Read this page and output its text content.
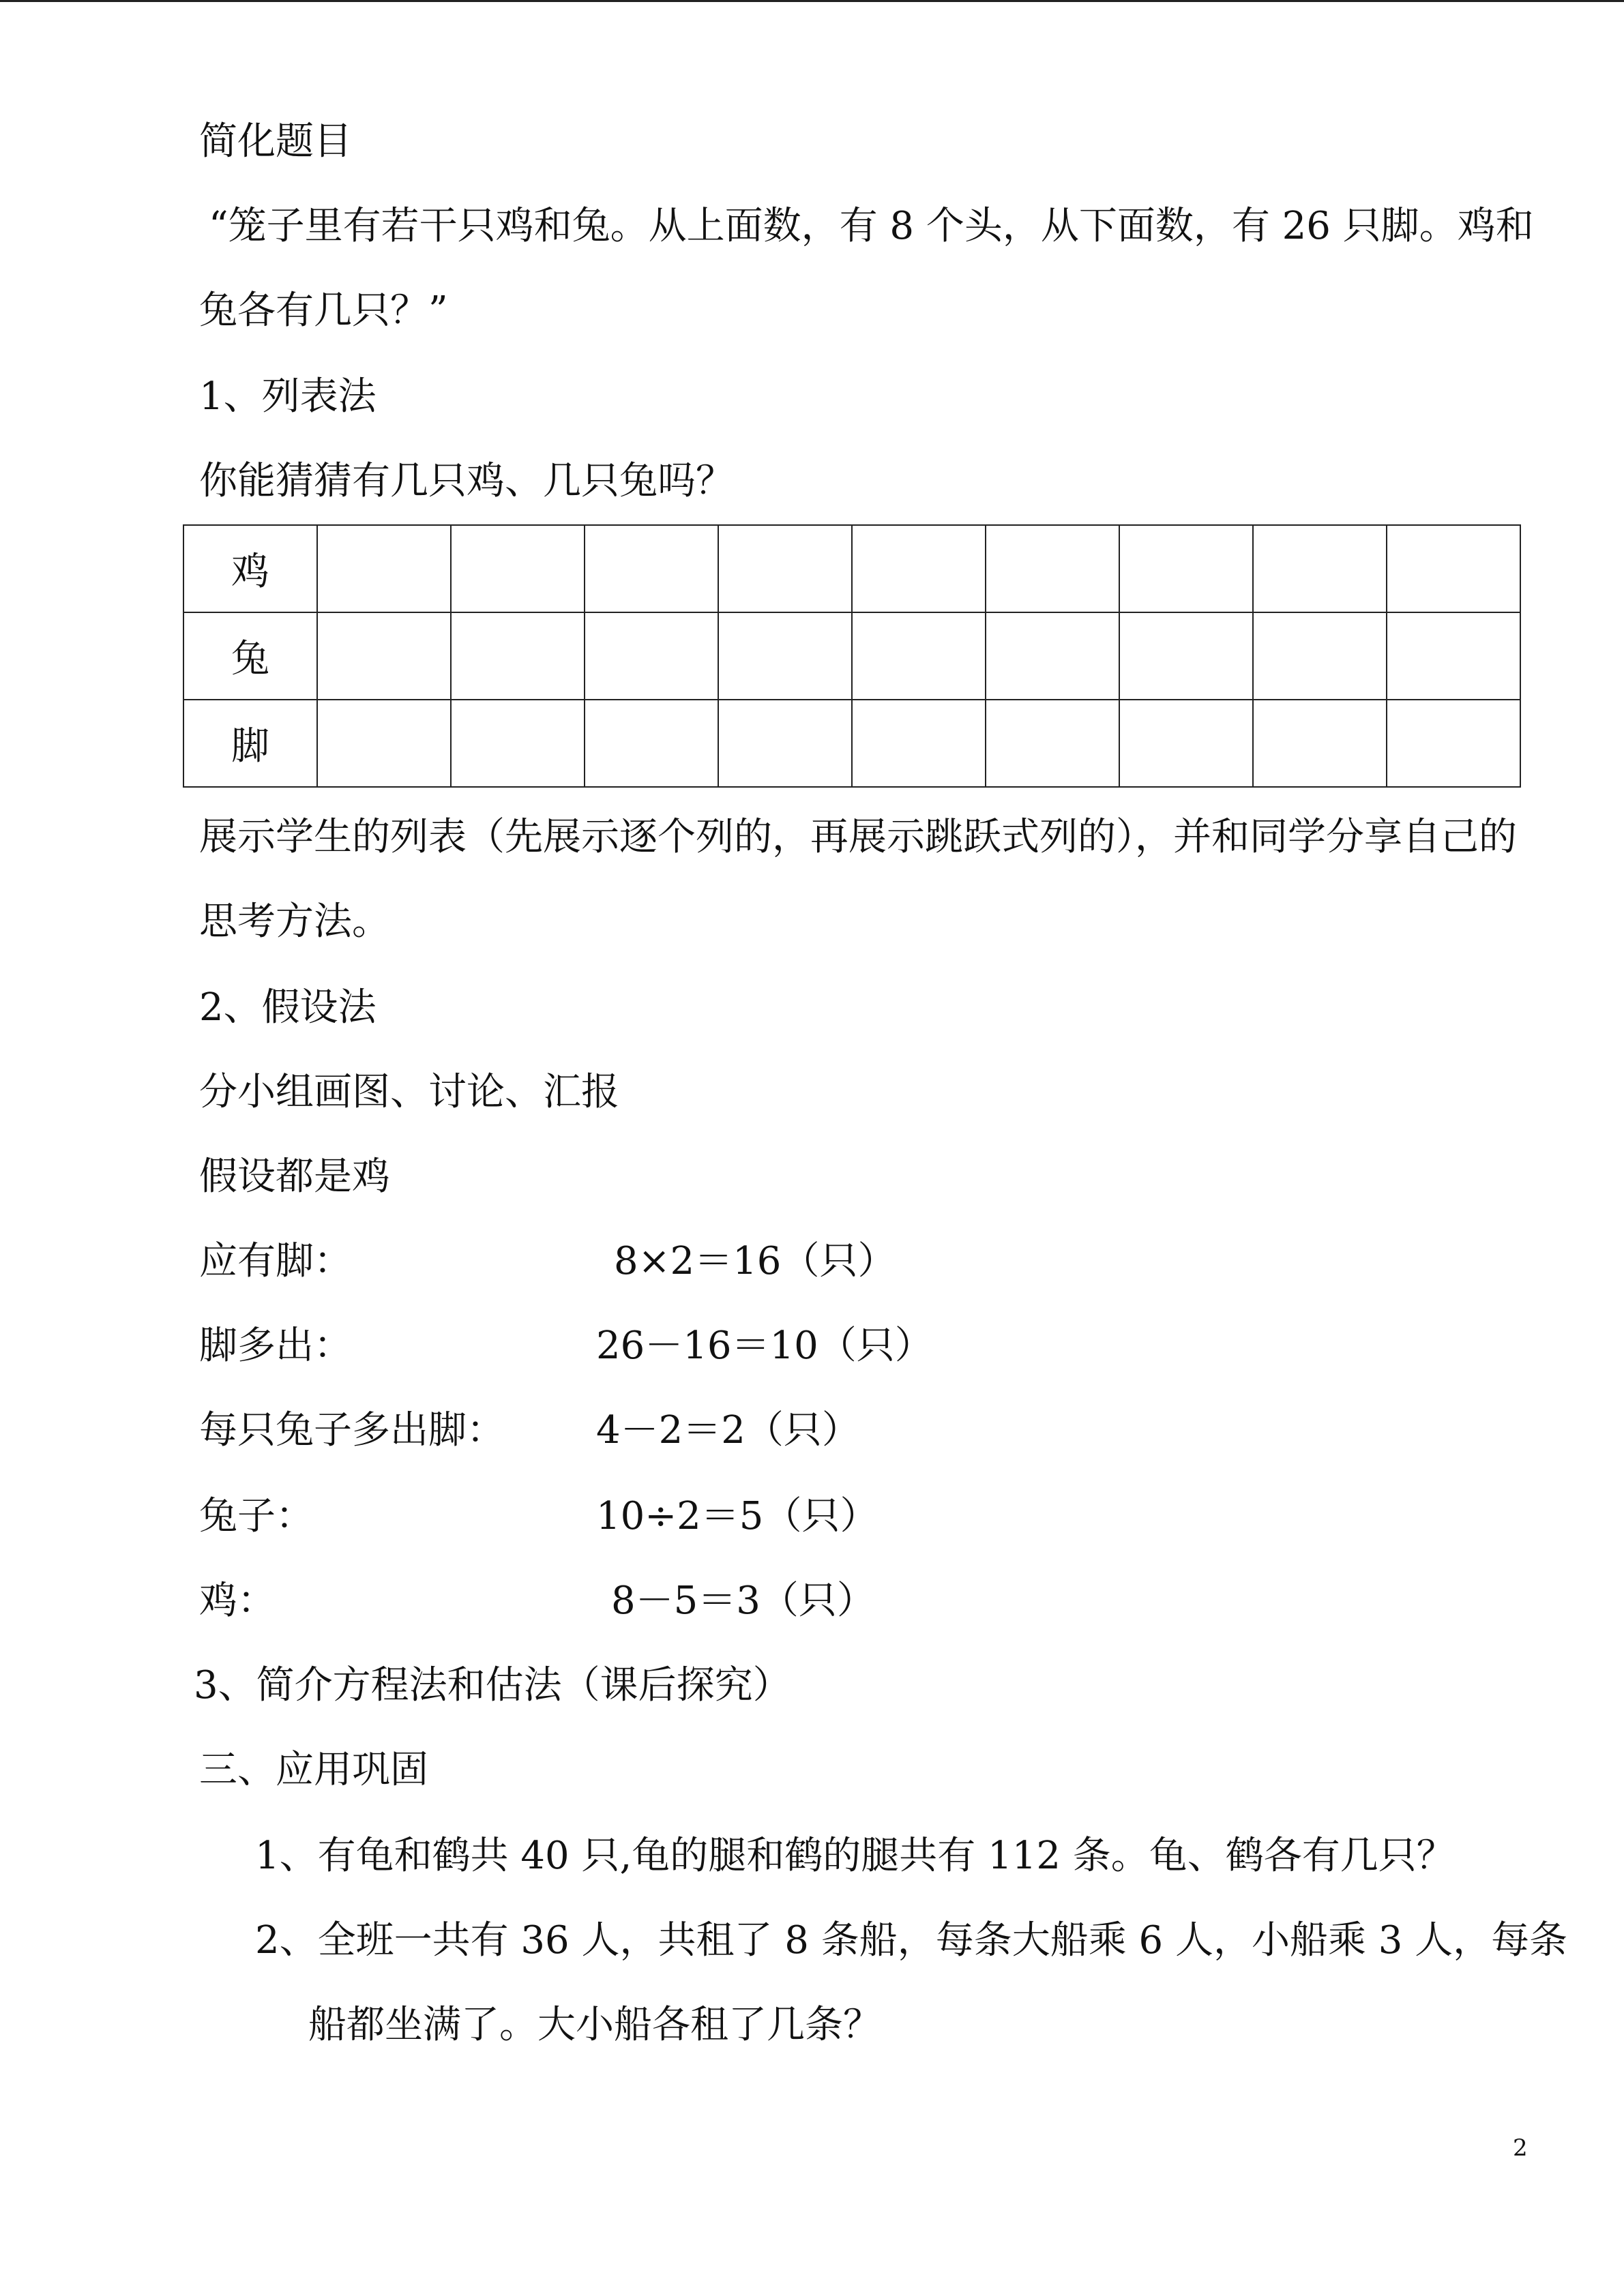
简化题目
“笼子里有若干只鸡和兔。从上面数，有 8 个头，从下面数，有 26 只脚。鸡和
兔各有几只？”
1、列表法
你能猜猜有几只鸡、几只兔吗？
鸡									
兔									
脚									
展示学生的列表（先展示逐个列的，再展示跳跃式列的），并和同学分享自己的
思考方法。
2、假设法
分小组画图、讨论、汇报
假设都是鸡
应有脚：	8×2＝16（只）
脚多出：	26－16＝10（只）
每只兔子多出脚： 4－2＝2（只）
兔子：	10÷2＝5（只）
鸡：	8－5＝3（只）
3、简介方程法和估法（课后探究）
三、应用巩固
1、有龟和鹤共 40 只,龟的腿和鹤的腿共有 112 条。龟、鹤各有几只？
2、全班一共有 36 人，共租了 8 条船，每条大船乘 6 人，小船乘 3 人，每条
船都坐满了。大小船各租了几条？
2
